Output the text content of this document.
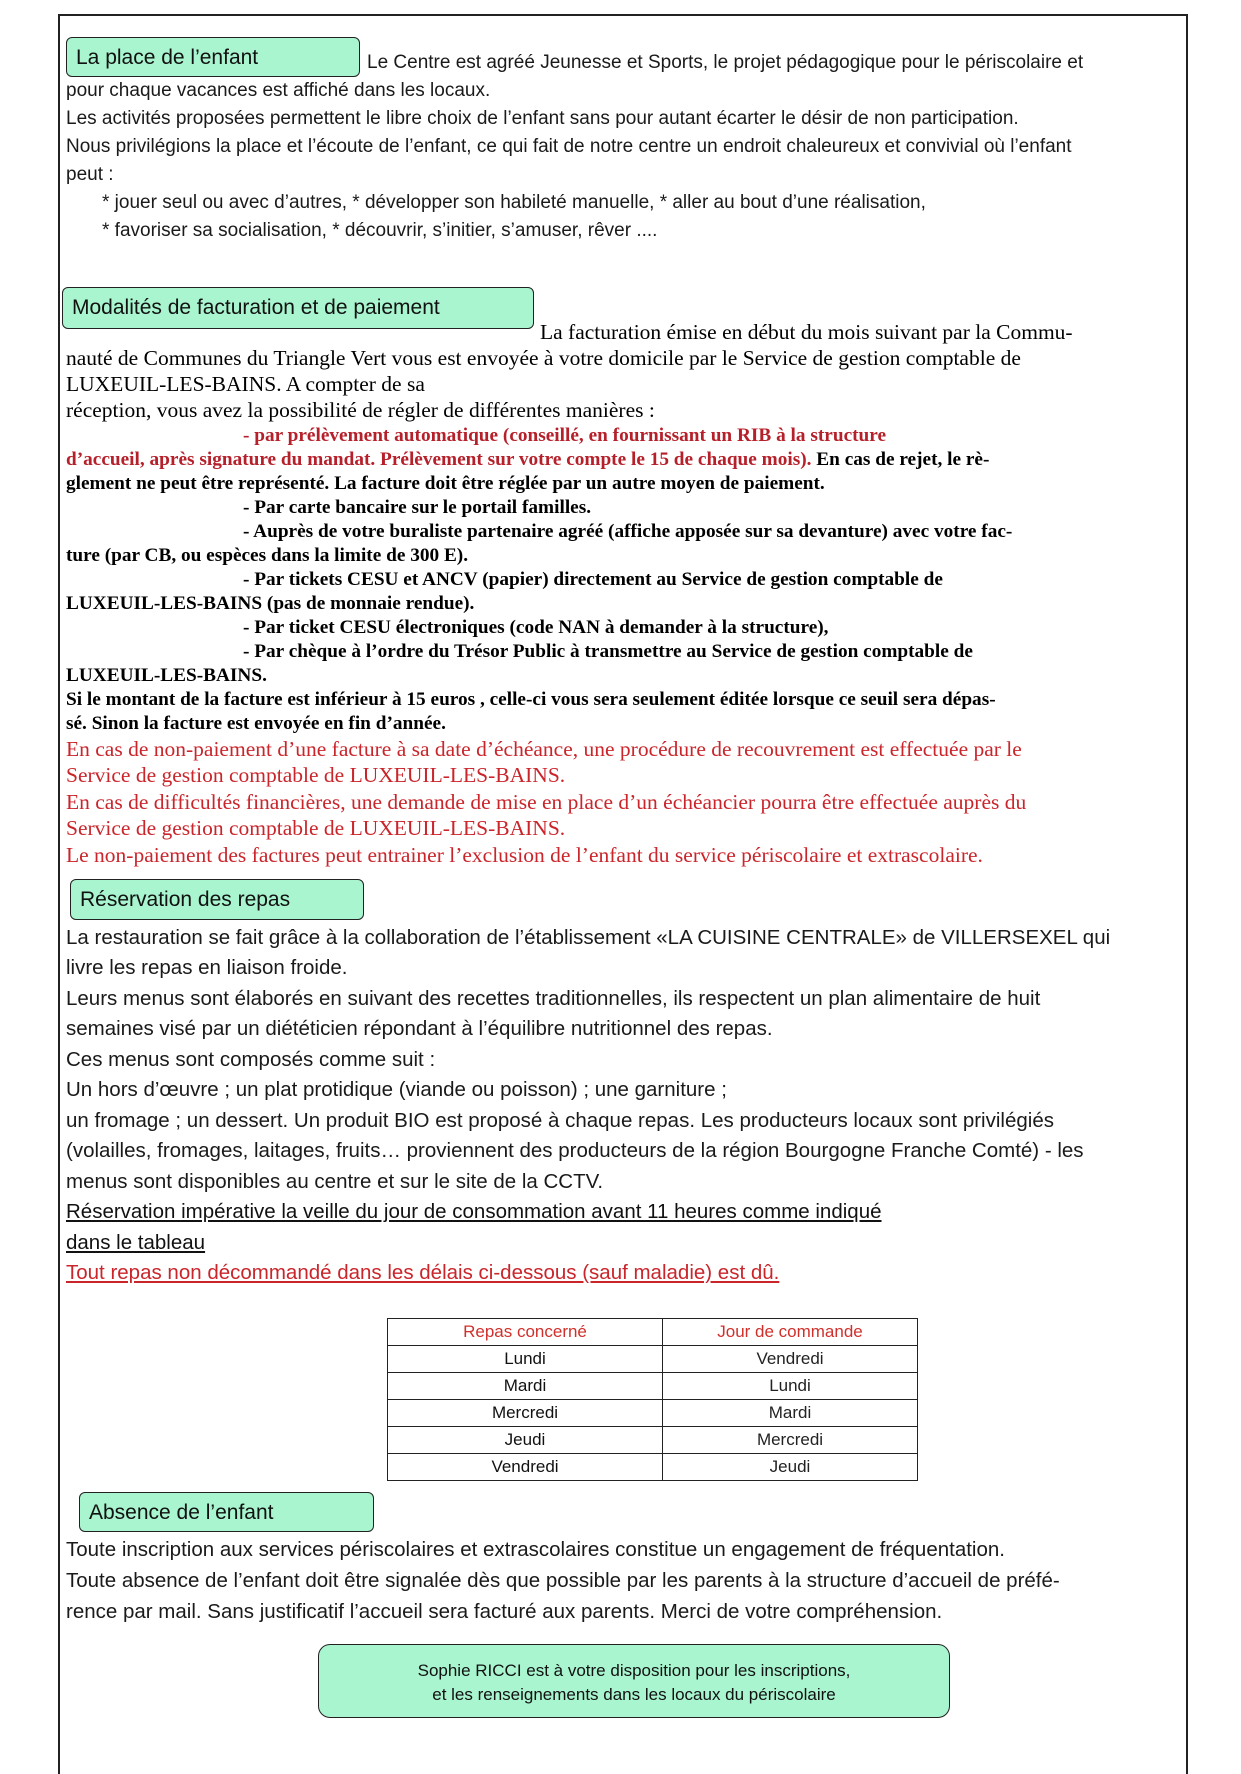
La place de l’enfant	Le Centre est agréé Jeunesse et Sports, le projet pédagogique pour le périscolaire et
pour chaque vacances est affiché dans les locaux.
Les activités proposées permettent le libre choix de l’enfant sans pour autant écarter le désir de non participation.
Nous privilégions la place et l’écoute de l’enfant, ce qui fait de notre centre un endroit chaleureux et convivial où l’enfant
peut :
* jouer seul ou avec d’autres, * développer son habileté manuelle, * aller au bout d’une réalisation,
* favoriser sa socialisation, * découvrir, s’initier, s’amuser, rêver ....
Modalités de facturation et de paiement
La facturation émise en début du mois suivant par la Commu-
nauté de Communes du Triangle Vert vous est envoyée à votre domicile par le Service de gestion comptable de
LUXEUIL-LES-BAINS. A compter de sa
réception, vous avez la possibilité de régler de différentes manières :
- par prélèvement automatique (conseillé, en fournissant un RIB à la structure
d’accueil, après signature du mandat. Prélèvement sur votre compte le 15 de chaque mois). En cas de rejet, le rè-
glement ne peut être représenté. La facture doit être réglée par un autre moyen de paiement.
- Par carte bancaire sur le portail familles.
- Auprès de votre buraliste partenaire agréé (affiche apposée sur sa devanture) avec votre fac-
ture (par CB, ou espèces dans la limite de 300 E).
- Par tickets CESU et ANCV (papier) directement au Service de gestion comptable de
LUXEUIL-LES-BAINS (pas de monnaie rendue).
- Par ticket CESU électroniques (code NAN à demander à la structure),
- Par chèque à l’ordre du Trésor Public à transmettre au Service de gestion comptable de
LUXEUIL-LES-BAINS.
Si le montant de la facture est inférieur à 15 euros , celle-ci vous sera seulement éditée lorsque ce seuil sera dépas-
sé. Sinon la facture est envoyée en fin d’année.
En cas de non-paiement d’une facture à sa date d’échéance, une procédure de recouvrement est effectuée par le
Service de gestion comptable de LUXEUIL-LES-BAINS.
En cas de difficultés financières, une demande de mise en place d’un échéancier pourra être effectuée auprès du
Service de gestion comptable de LUXEUIL-LES-BAINS.
Le non-paiement des factures peut entrainer l’exclusion de l’enfant du service périscolaire et extrascolaire.
Réservation des repas
La restauration se fait grâce à la collaboration de l’établissement «LA CUISINE CENTRALE» de VILLERSEXEL qui
livre les repas en liaison froide.
Leurs menus sont élaborés en suivant des recettes traditionnelles, ils respectent un plan alimentaire de huit
semaines visé par un diététicien répondant à l’équilibre nutritionnel des repas.
Ces menus sont composés comme suit :
Un hors d’œuvre ; un plat protidique (viande ou poisson) ; une garniture ;
un fromage ; un dessert. Un produit BIO est proposé à chaque repas. Les producteurs locaux sont privilégiés
(volailles, fromages, laitages, fruits… proviennent des producteurs de la région Bourgogne Franche Comté) - les
menus sont disponibles au centre et sur le site de la CCTV.
Réservation impérative la veille du jour de consommation avant 11 heures comme indiqué
dans le tableau
Tout repas non décommandé dans les délais ci-dessous (sauf maladie) est dû.
Repas concerné	Jour de commande
Lundi	Vendredi
Mardi	Lundi
Mercredi	Mardi
Jeudi	Mercredi
Vendredi	Jeudi
Absence de l’enfant
Toute inscription aux services périscolaires et extrascolaires constitue un engagement de fréquentation.
Toute absence de l’enfant doit être signalée dès que possible par les parents à la structure d’accueil de préfé-
rence par mail. Sans justificatif l’accueil sera facturé aux parents. Merci de votre compréhension.
Sophie RICCI est à votre disposition pour les inscriptions,
et les renseignements dans les locaux du périscolaire
